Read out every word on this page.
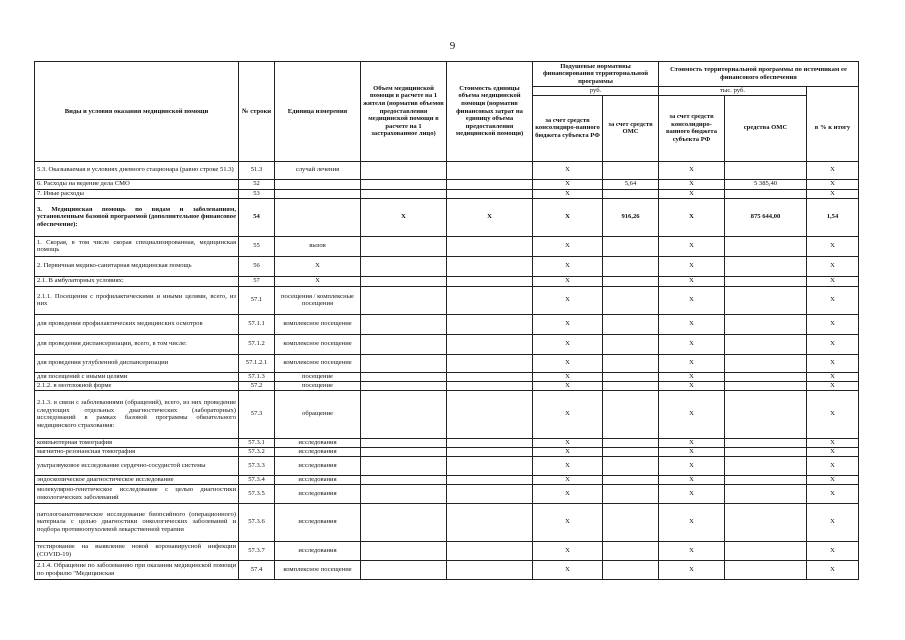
9
Виды и условия оказания медицинской помощи	№ строки	Единица измерения	Объем медицинской помощи в расчете на 1 жителя (норматив объемов предоставления медицинской помощи в расчете на 1 застрахованное лицо)	Стоимость единицы объема медицинской помощи (норматив финансовых затрат на единицу объема предоставления медицинской помощи)	Подушевые нормативы финансирования территориальной программы		Стоимость территориальной программы по источникам ее финансового обеспечения		
					руб.		тыс. руб.		
					за счет средств консолидиро-ванного бюджета субъекта РФ	за счет средств ОМС	за счет средств консолидиро-ванного бюджета субъекта РФ	средства ОМС	в % к итогу
5.3. Оказываемая в условиях дневного стационара (равно строке 51.3)	51.3	случай лечения			X		X		X
6. Расходы на ведение дела СМО	52				X	5,64	X	5 385,40	X
7. Иные расходы	53				X		X		X
3. Медицинская помощь по видам и заболеваниям, установленным базовой программой (дополнительное финансовое обеспечение):	54		X	X	X	916,26	X	875 644,00	1,54
1. Скорая, в том числе скорая специализированная, медицинская помощь	55	вызов			X		X		X
2. Первичная медико-санитарная медицинская помощь	56	X			X		X		X
2.1. В амбулаторных условиях:	57	X			X		X		X
2.1.1. Посещения с профилактическими и иными целями, всего, из них	57.1	посещения / комплексные посещения			X		X		X
для проведения профилактических медицинских осмотров	57.1.1	комплексное посещение			X		X		X
для проведения диспансеризации, всего, в том числе:	57.1.2	комплексное посещение			X		X		X
для проведения углубленной диспансеризации	57.1.2.1	комплексное посещение			X		X		X
для посещений с иными целями	57.1.3	посещение			X		X		X
2.1.2. в неотложной форме	57.2	посещение			X		X		X
2.1.3. в связи с заболеваниями (обращений), всего, из них проведение следующих отдельных диагностических (лабораторных) исследований в рамках базовой программы обязательного медицинского страхования:	57.3	обращение			X		X		X
компьютерная томография	57.3.1	исследования			X		X		X
магнитно-резонансная томография	57.3.2	исследования			X		X		X
ультразвуковое исследование сердечно-сосудистой системы	57.3.3	исследования			X		X		X
эндоскопическое диагностическое исследование	57.3.4	исследования			X		X		X
молекулярно-генетическое исследование с целью диагностики онкологических заболеваний	57.3.5	исследования			X		X		X
патологоанатомическое исследование биопсийного (операционного) материала с целью диагностики онкологических заболеваний и подбора противоопухолевой лекарственной терапии	57.3.6	исследования			X		X		X
тестирование на выявление новой коронавирусной инфекции (COVID-19)	57.3.7	исследования			X		X		X
2.1.4. Обращение по заболеванию при оказании медицинской помощи по профилю "Медицинская	57.4	комплексное посещение			X		X		X
